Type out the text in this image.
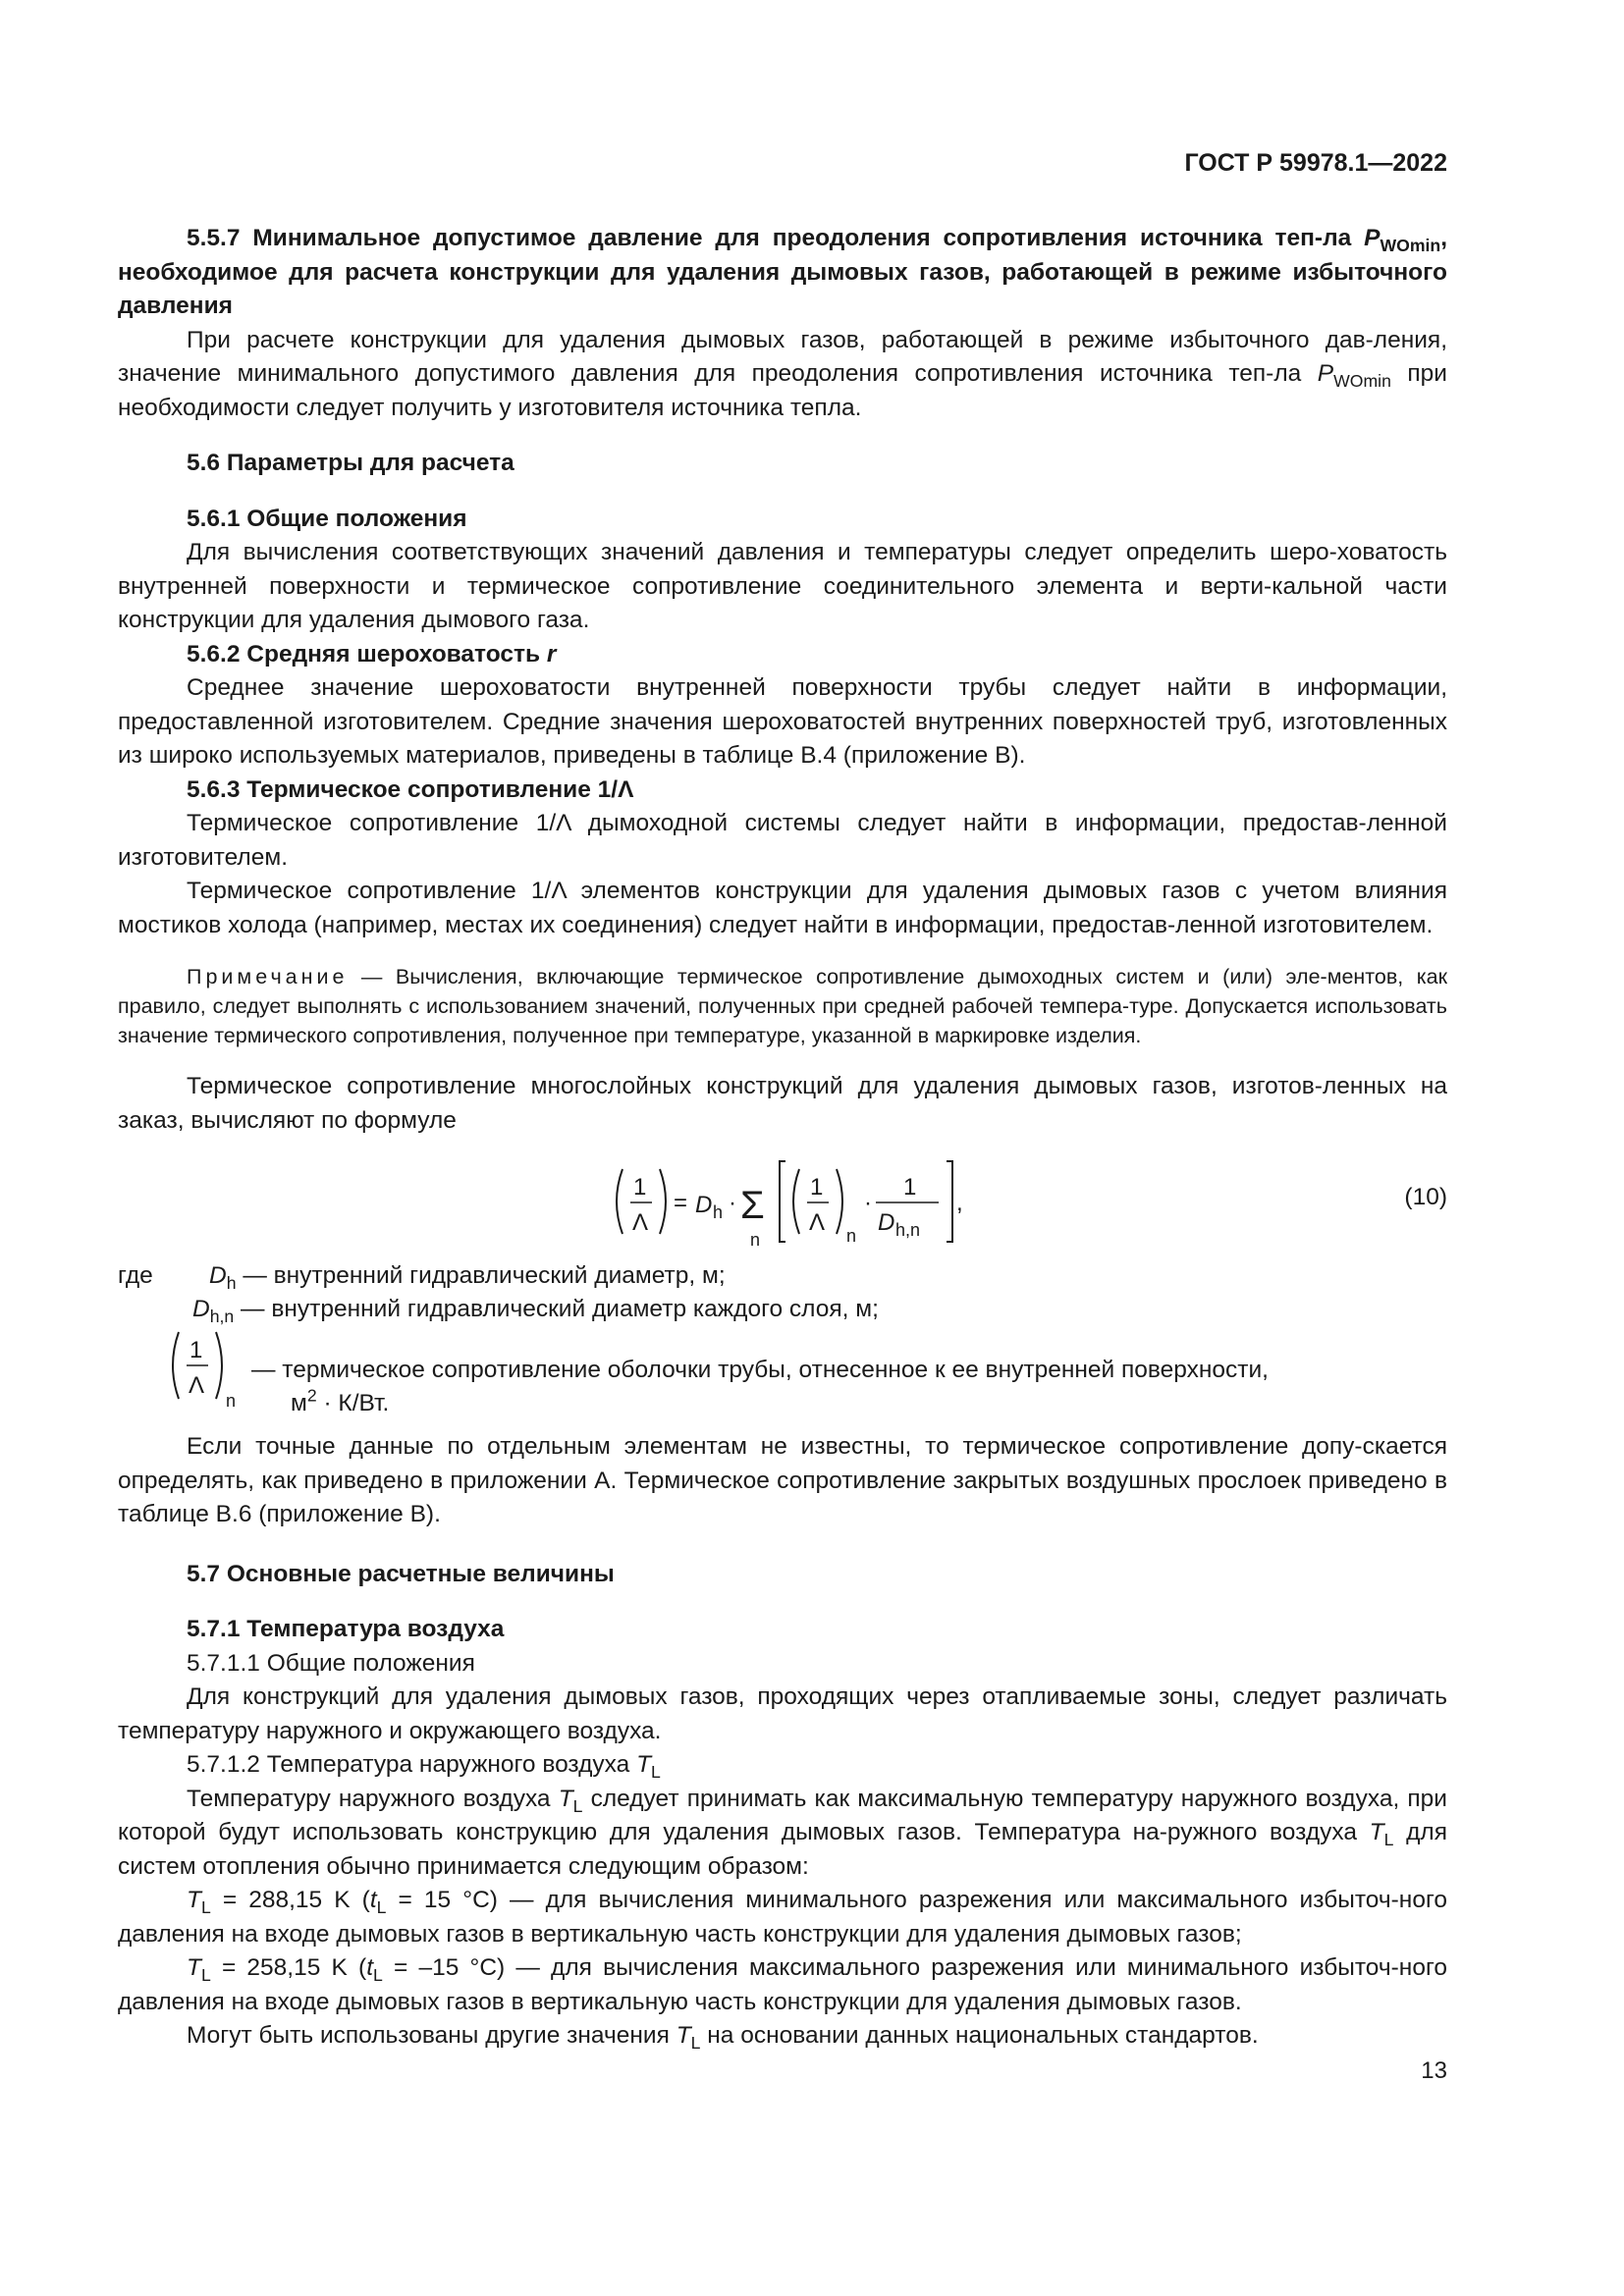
ГОСТ Р 59978.1—2022
5.5.7 Минимальное допустимое давление для преодоления сопротивления источника теп-ла $P_{WOmin}$, необходимое для расчета конструкции для удаления дымовых газов, работающей в режиме избыточного давления

При расчете конструкции для удаления дымовых газов, работающей в режиме избыточного дав-ления, значение минимального допустимого давления для преодоления сопротивления источника теп-ла $P_{WOmin}$ при необходимости следует получить у изготовителя источника тепла.

5.6 Параметры для расчета
5.6.1 Общие положения

Для вычисления соответствующих значений давления и температуры следует определить шеро-ховатость внутренней поверхности и термическое сопротивление соединительного элемента и верти-кальной части конструкции для удаления дымового газа.

5.6.2 Средняя шероховатость r

Среднее значение шероховатости внутренней поверхности трубы следует найти в информации, предоставленной изготовителем. Средние значения шероховатостей внутренних поверхностей труб, изготовленных из широко используемых материалов, приведены в таблице В.4 (приложение В).

5.6.3 Термическое сопротивление 1/Λ

Термическое сопротивление 1/Λ дымоходной системы следует найти в информации, предостав-ленной изготовителем.

Термическое сопротивление 1/Λ элементов конструкции для удаления дымовых газов с учетом влияния мостиков холода (например, местах их соединения) следует найти в информации, предостав-ленной изготовителем.

Примечание — Вычисления, включающие термическое сопротивление дымоходных систем и (или) эле-ментов, как правило, следует выполнять с использованием значений, полученных при средней рабочей темпера-туре. Допускается использовать значение термического сопротивления, полученное при температуре, указанной в маркировке изделия.

Термическое сопротивление многослойных конструкций для удаления дымовых газов, изготов-ленных на заказ, вычисляют по формуле

1
Λ
= D h · Σ
n
1
Λ n
·
1
D h,n
,	(10)
где $D_h$ — внутренний гидравлический диаметр, м;
$D_{h,n}$ — внутренний гидравлический диаметр каждого слоя, м;
1
Λ
n
— термическое сопротивление оболочки трубы, отнесенное к ее внутренней поверхности,
$м^2 \cdot К/Вт$.

Если точные данные по отдельным элементам не известны, то термическое сопротивление допу-скается определять, как приведено в приложении А. Термическое сопротивление закрытых воздушных прослоек приведено в таблице В.6 (приложение В).

5.7 Основные расчетные величины
5.7.1 Температура воздуха

5.7.1.1 Общие положения

Для конструкций для удаления дымовых газов, проходящих через отапливаемые зоны, следует различать температуру наружного и окружающего воздуха.

5.7.1.2 Температура наружного воздуха $T_L$

Температуру наружного воздуха $T_L$ следует принимать как максимальную температуру наружного воздуха, при которой будут использовать конструкцию для удаления дымовых газов. Температура на-ружного воздуха $T_L$ для систем отопления обычно принимается следующим образом:

$T_L = 288,15$ K ($t_L = 15$ °C) — для вычисления минимального разрежения или максимального избыточ-ного давления на входе дымовых газов в вертикальную часть конструкции для удаления дымовых газов;

$T_L = 258,15$ K ($t_L = -15$ °C) — для вычисления максимального разрежения или минимального избыточ-ного давления на входе дымовых газов в вертикальную часть конструкции для удаления дымовых газов.

Могут быть использованы другие значения $T_L$ на основании данных национальных стандартов.

13
